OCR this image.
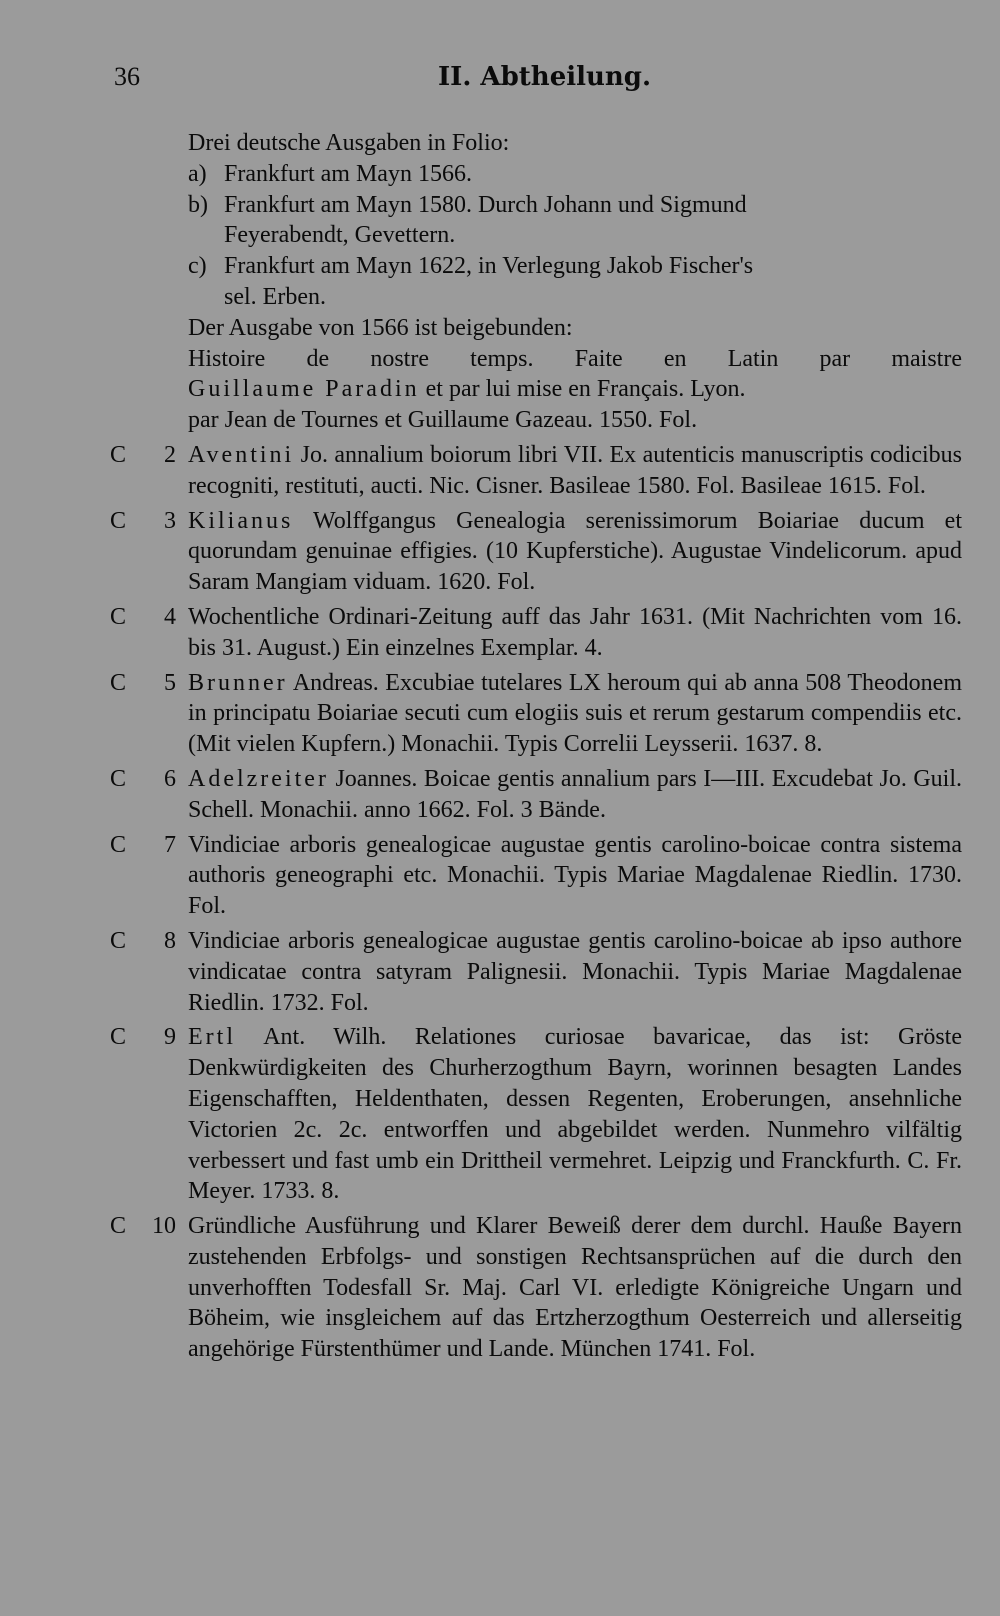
36	II. Abtheilung.
Drei deutsche Ausgaben in Folio:
a) Frankfurt am Mayn 1566.
b) Frankfurt am Mayn 1580. Durch Johann und Sigmund
Feyerabendt, Gevettern.
c) Frankfurt am Mayn 1622, in Verlegung Jakob Fischer's
sel. Erben.
Der Ausgabe von 1566 ist beigebunden:
Histoire de nostre temps. Faite en Latin par maistre
Guillaume Paradin et par lui mise en Français. Lyon.
par Jean de Tournes et Guillaume Gazeau. 1550. Fol.
C	2 Aventini Jo. annalium boiorum libri VII. Ex autenticis manuscriptis codicibus recogniti, restituti, aucti. Nic. Cisner. Basileae 1580. Fol. Basileae 1615. Fol.
C	3 Kilianus Wolffgangus Genealogia serenissimorum Boiariae ducum et quorundam genuinae effigies. (10 Kupferstiche). Augustae Vindelicorum. apud Saram Mangiam viduam. 1620. Fol.
C	4 Wochentliche Ordinari-Zeitung auff das Jahr 1631. (Mit Nachrichten vom 16. bis 31. August.) Ein einzelnes Exemplar. 4.
C	5 Brunner Andreas. Excubiae tutelares LX heroum qui ab anna 508 Theodonem in principatu Boiariae secuti cum elogiis suis et rerum gestarum compendiis etc. (Mit vielen Kupfern.) Monachii. Typis Correlii Leysserii. 1637. 8.
C	6 Adelzreiter Joannes. Boicae gentis annalium pars I—III. Excudebat Jo. Guil. Schell. Monachii. anno 1662. Fol. 3 Bände.
C	7 Vindiciae arboris genealogicae augustae gentis carolino-boicae contra sistema authoris geneographi etc. Monachii. Typis Mariae Magdalenae Riedlin. 1730. Fol.
C	8 Vindiciae arboris genealogicae augustae gentis carolino-boicae ab ipso authore vindicatae contra satyram Palignesii. Monachii. Typis Mariae Magdalenae Riedlin. 1732. Fol.
C	9 Ertl Ant. Wilh. Relationes curiosae bavaricae, das ist: Gröste Denkwürdigkeiten des Churherzogthum Bayrn, worinnen besagten Landes Eigenschafften, Heldenthaten, dessen Regenten, Eroberungen, ansehnliche Victorien 2c. 2c. entworffen und abgebildet werden. Nunmehro vilfältig verbessert und fast umb ein Drittheil vermehret. Leipzig und Franckfurth. C. Fr. Meyer. 1733. 8.
C	10 Gründliche Ausführung und Klarer Beweiß derer dem durchl. Hauße Bayern zustehenden Erbfolgs- und sonstigen Rechtsansprüchen auf die durch den unverhofften Todesfall Sr. Maj. Carl VI. erledigte Königreiche Ungarn und Böheim, wie insgleichem auf das Ertzherzogthum Oesterreich und allerseitig angehörige Fürstenthümer und Lande. München 1741. Fol.
